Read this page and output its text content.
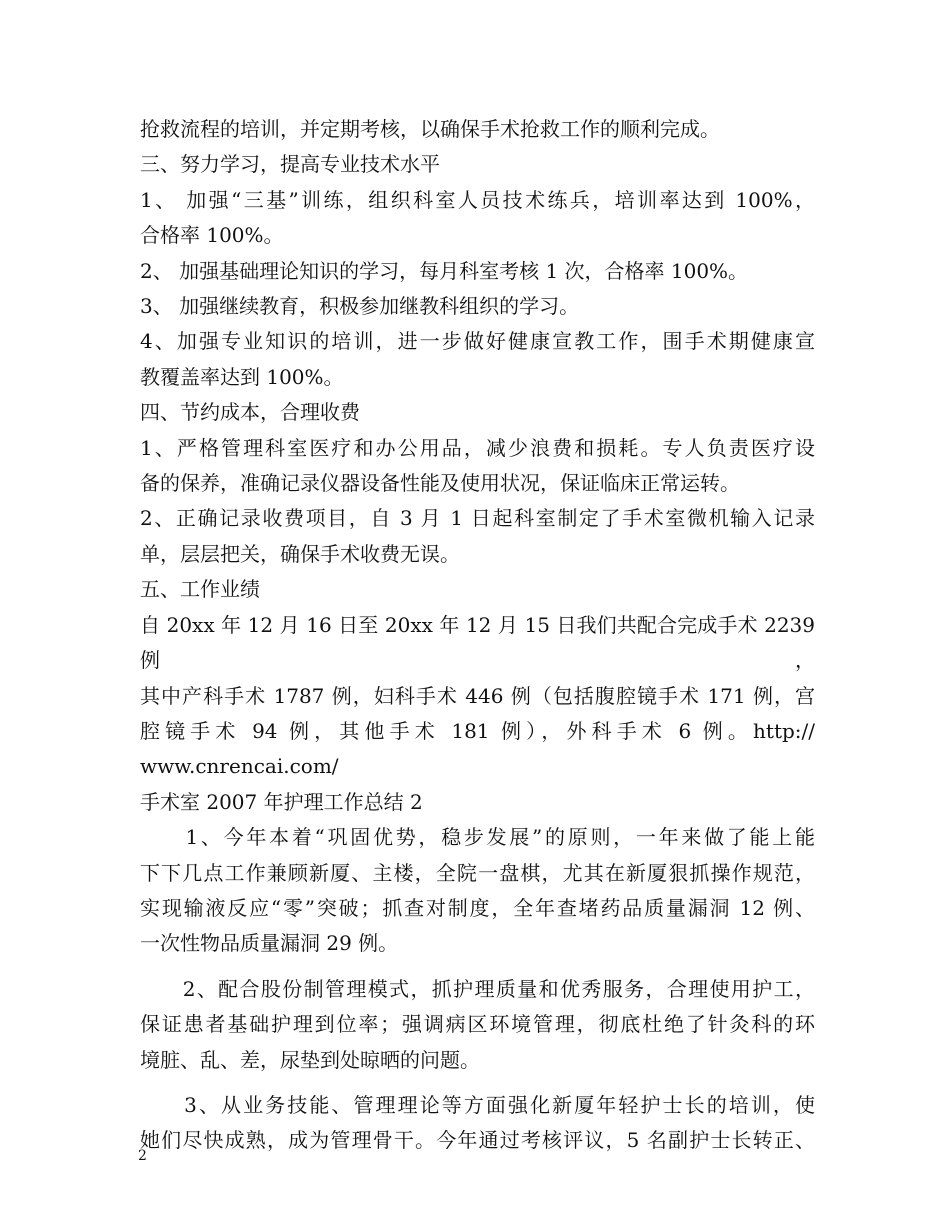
抢救流程的培训，并定期考核，以确保手术抢救工作的顺利完成。

三、努力学习，提高专业技术水平

1、 加强“三基”训练，组织科室人员技术练兵，培训率达到 100%，

合格率 100%。

2、 加强基础理论知识的学习，每月科室考核 1 次，合格率 100%。

3、 加强继续教育，积极参加继教科组织的学习。

4、加强专业知识的培训，进一步做好健康宣教工作，围手术期健康宣

教覆盖率达到 100%。

四、节约成本，合理收费

1、严格管理科室医疗和办公用品，减少浪费和损耗。专人负责医疗设

备的保养，准确记录仪器设备性能及使用状况，保证临床正常运转。

2、正确记录收费项目，自 3 月 1 日起科室制定了手术室微机输入记录

单，层层把关，确保手术收费无误。

五、工作业绩

自 20xx 年 12 月 16 日至 20xx 年 12 月 15 日我们共配合完成手术 2239 例，

其中产科手术 1787 例，妇科手术 446 例（包括腹腔镜手术 171 例，宫

腔镜手术 94 例，其他手术 181 例），外科手术 6 例。http://

www.cnrencai.com/

手术室 2007 年护理工作总结 2

　　1、今年本着“巩固优势，稳步发展”的原则，一年来做了能上能

下下几点工作兼顾新厦、主楼，全院一盘棋，尤其在新厦狠抓操作规范，

实现输液反应“零”突破；抓查对制度，全年查堵药品质量漏洞 12 例、

一次性物品质量漏洞 29 例。

　　2、配合股份制管理模式，抓护理质量和优秀服务，合理使用护工，

保证患者基础护理到位率；强调病区环境管理，彻底杜绝了针灸科的环

境脏、乱、差，尿垫到处晾晒的问题。

　　3、从业务技能、管理理论等方面强化新厦年轻护士长的培训，使

她们尽快成熟，成为管理骨干。今年通过考核评议，5 名副护士长转正、

2
